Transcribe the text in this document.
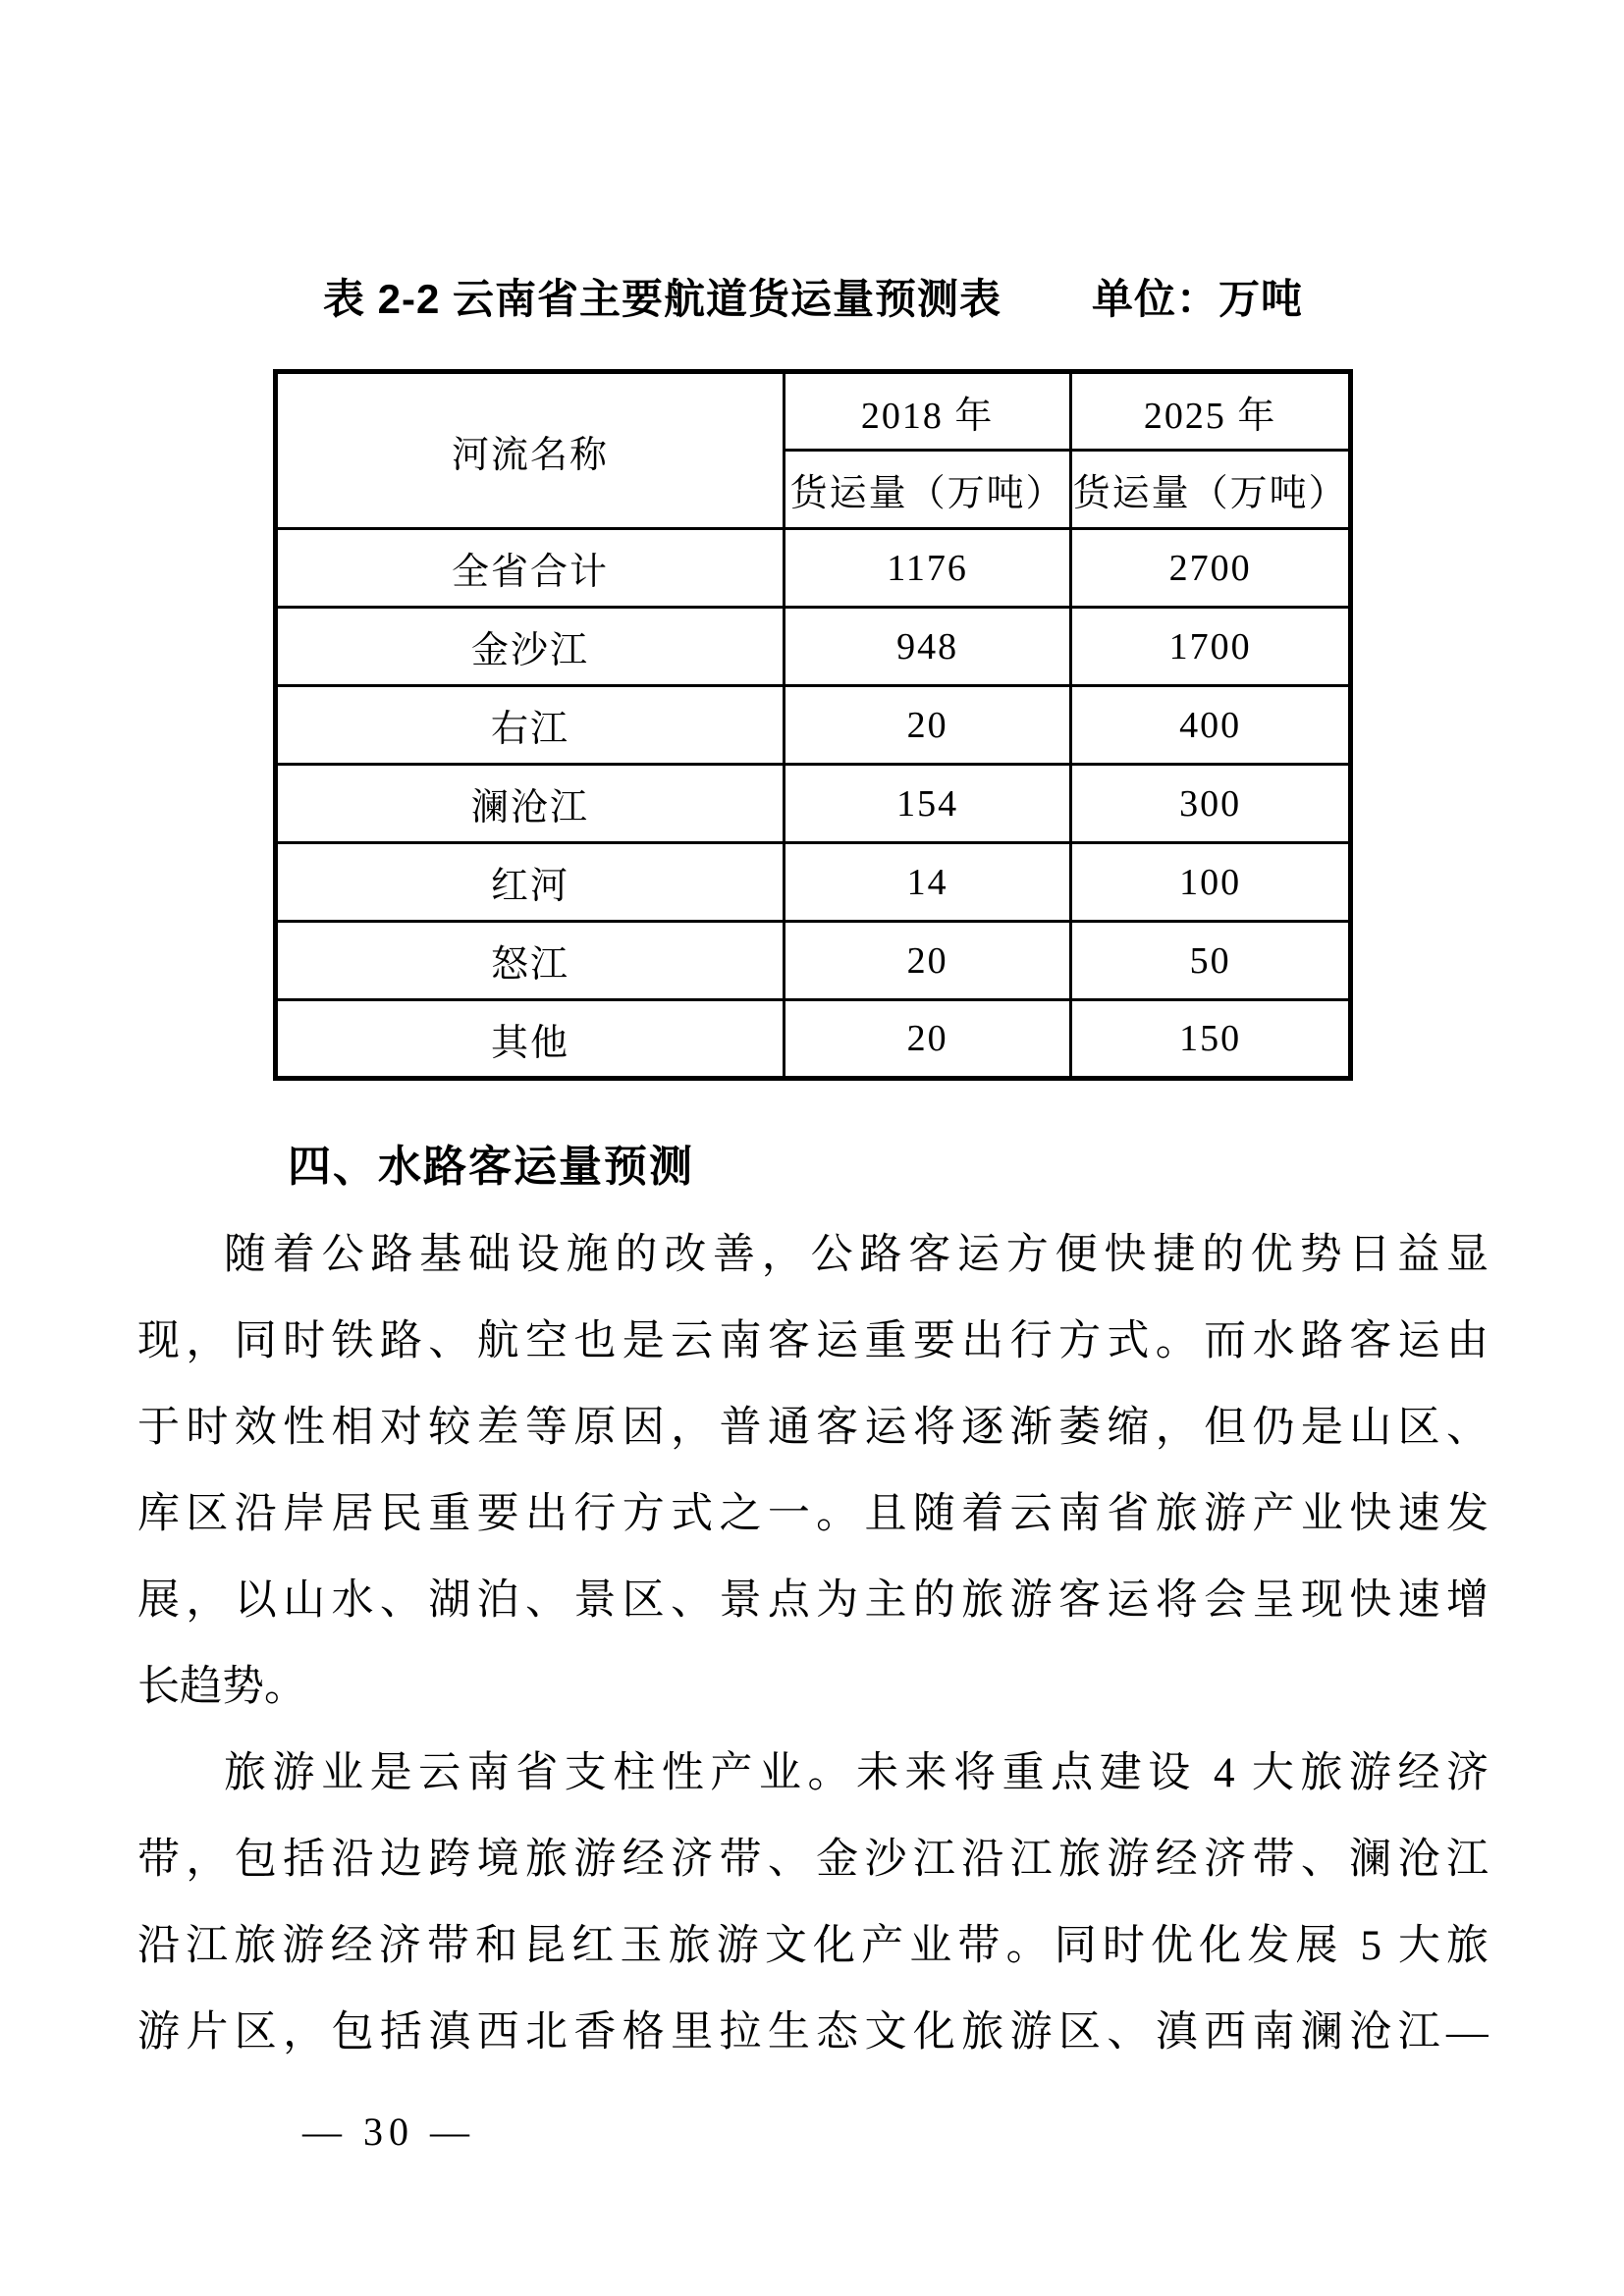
表 2-2 云南省主要航道货运量预测表 单位：万吨
河流名称	2018 年	2025 年
	货运量（万吨）	货运量（万吨）
全省合计	1176	2700
金沙江	948	1700
右江	20	400
澜沧江	154	300
红河	14	100
怒江	20	50
其他	20	150
四、水路客运量预测
随着公路基础设施的改善，公路客运方便快捷的优势日益显
现，同时铁路、航空也是云南客运重要出行方式。而水路客运由
于时效性相对较差等原因，普通客运将逐渐萎缩，但仍是山区、
库区沿岸居民重要出行方式之一。且随着云南省旅游产业快速发
展，以山水、湖泊、景区、景点为主的旅游客运将会呈现快速增
长趋势。
旅游业是云南省支柱性产业。未来将重点建设 4 大旅游经济
带，包括沿边跨境旅游经济带、金沙江沿江旅游经济带、澜沧江
沿江旅游经济带和昆红玉旅游文化产业带。同时优化发展 5 大旅
游片区，包括滇西北香格里拉生态文化旅游区、滇西南澜沧江—
— 30 —
